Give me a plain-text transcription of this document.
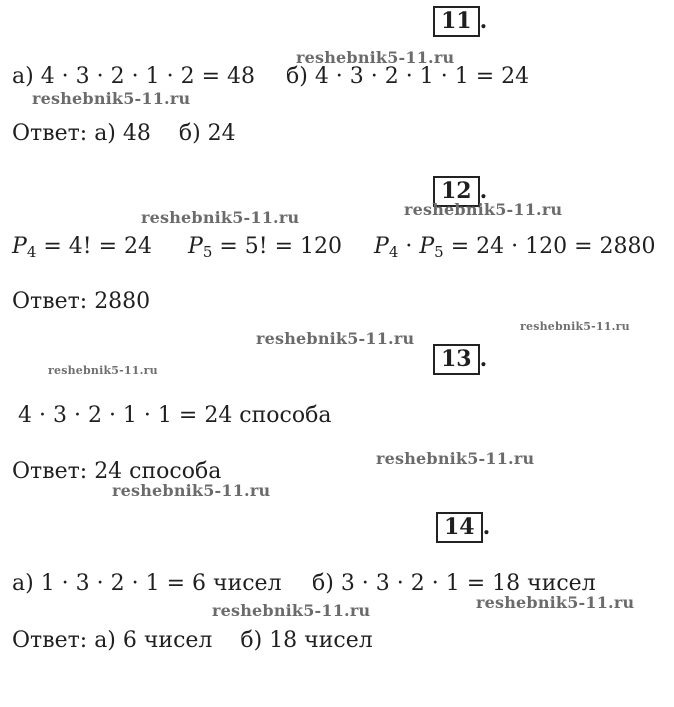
11 .
а) 4 · 3 · 2 · 1 · 2 = 48 б) 4 · 3 · 2 · 1 · 1 = 24
Ответ: а) 48    б) 24
12 .
$P_4 = 4$! = 24 $P_5 = 5$! = 120 $P_4 \cdot P_5 = 24 \cdot 120 = 2880$
Ответ: 2880
13 .
4 · 3 · 2 · 1 · 1 = 24 способа
Ответ: 24 способа
14 .
а) 1 · 3 · 2 · 1 = 6 чисел б) 3 · 3 · 2 · 1 = 18 чисел
Ответ: а) 6 чисел    б) 18 чисел
reshebnik5-11.ru
reshebnik5-11.ru
reshebnik5-11.ru	reshebnik5-11.ru
reshebnik5-11.ru
reshebnik5-11.ru
reshebnik5-11.ru
reshebnik5-11.ru
reshebnik5-11.ru
reshebnik5-11.ru
reshebnik5-11.ru
